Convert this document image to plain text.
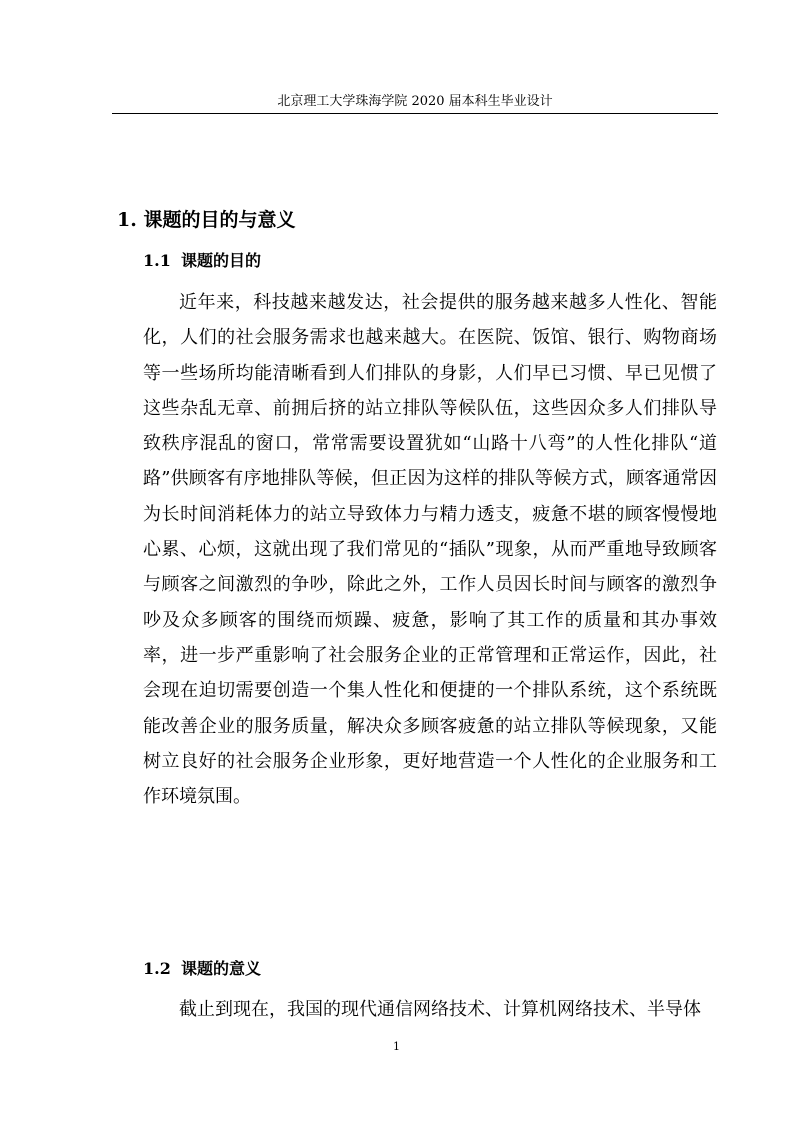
北京理工大学珠海学院 2020 届本科生毕业设计
1. 课题的目的与意义
1.1 课题的目的

近年来，科技越来越发达，社会提供的服务越来越多人性化、智能化，人们的社会服务需求也越来越大。在医院、饭馆、银行、购物商场等一些场所均能清晰看到人们排队的身影，人们早已习惯、早已见惯了这些杂乱无章、前拥后挤的站立排队等候队伍，这些因众多人们排队导致秩序混乱的窗口，常常需要设置犹如“山路十八弯”的人性化排队“道路”供顾客有序地排队等候，但正因为这样的排队等候方式，顾客通常因为长时间消耗体力的站立导致体力与精力透支，疲惫不堪的顾客慢慢地心累、心烦，这就出现了我们常见的“插队”现象，从而严重地导致顾客与顾客之间激烈的争吵，除此之外，工作人员因长时间与顾客的激烈争吵及众多顾客的围绕而烦躁、疲惫，影响了其工作的质量和其办事效率，进一步严重影响了社会服务企业的正常管理和正常运作，因此，社会现在迫切需要创造一个集人性化和便捷的一个排队系统，这个系统既能改善企业的服务质量，解决众多顾客疲惫的站立排队等候现象，又能树立良好的社会服务企业形象，更好地营造一个人性化的企业服务和工作环境氛围。

1.2 课题的意义

截止到现在，我国的现代通信网络技术、计算机网络技术、半导体

1
